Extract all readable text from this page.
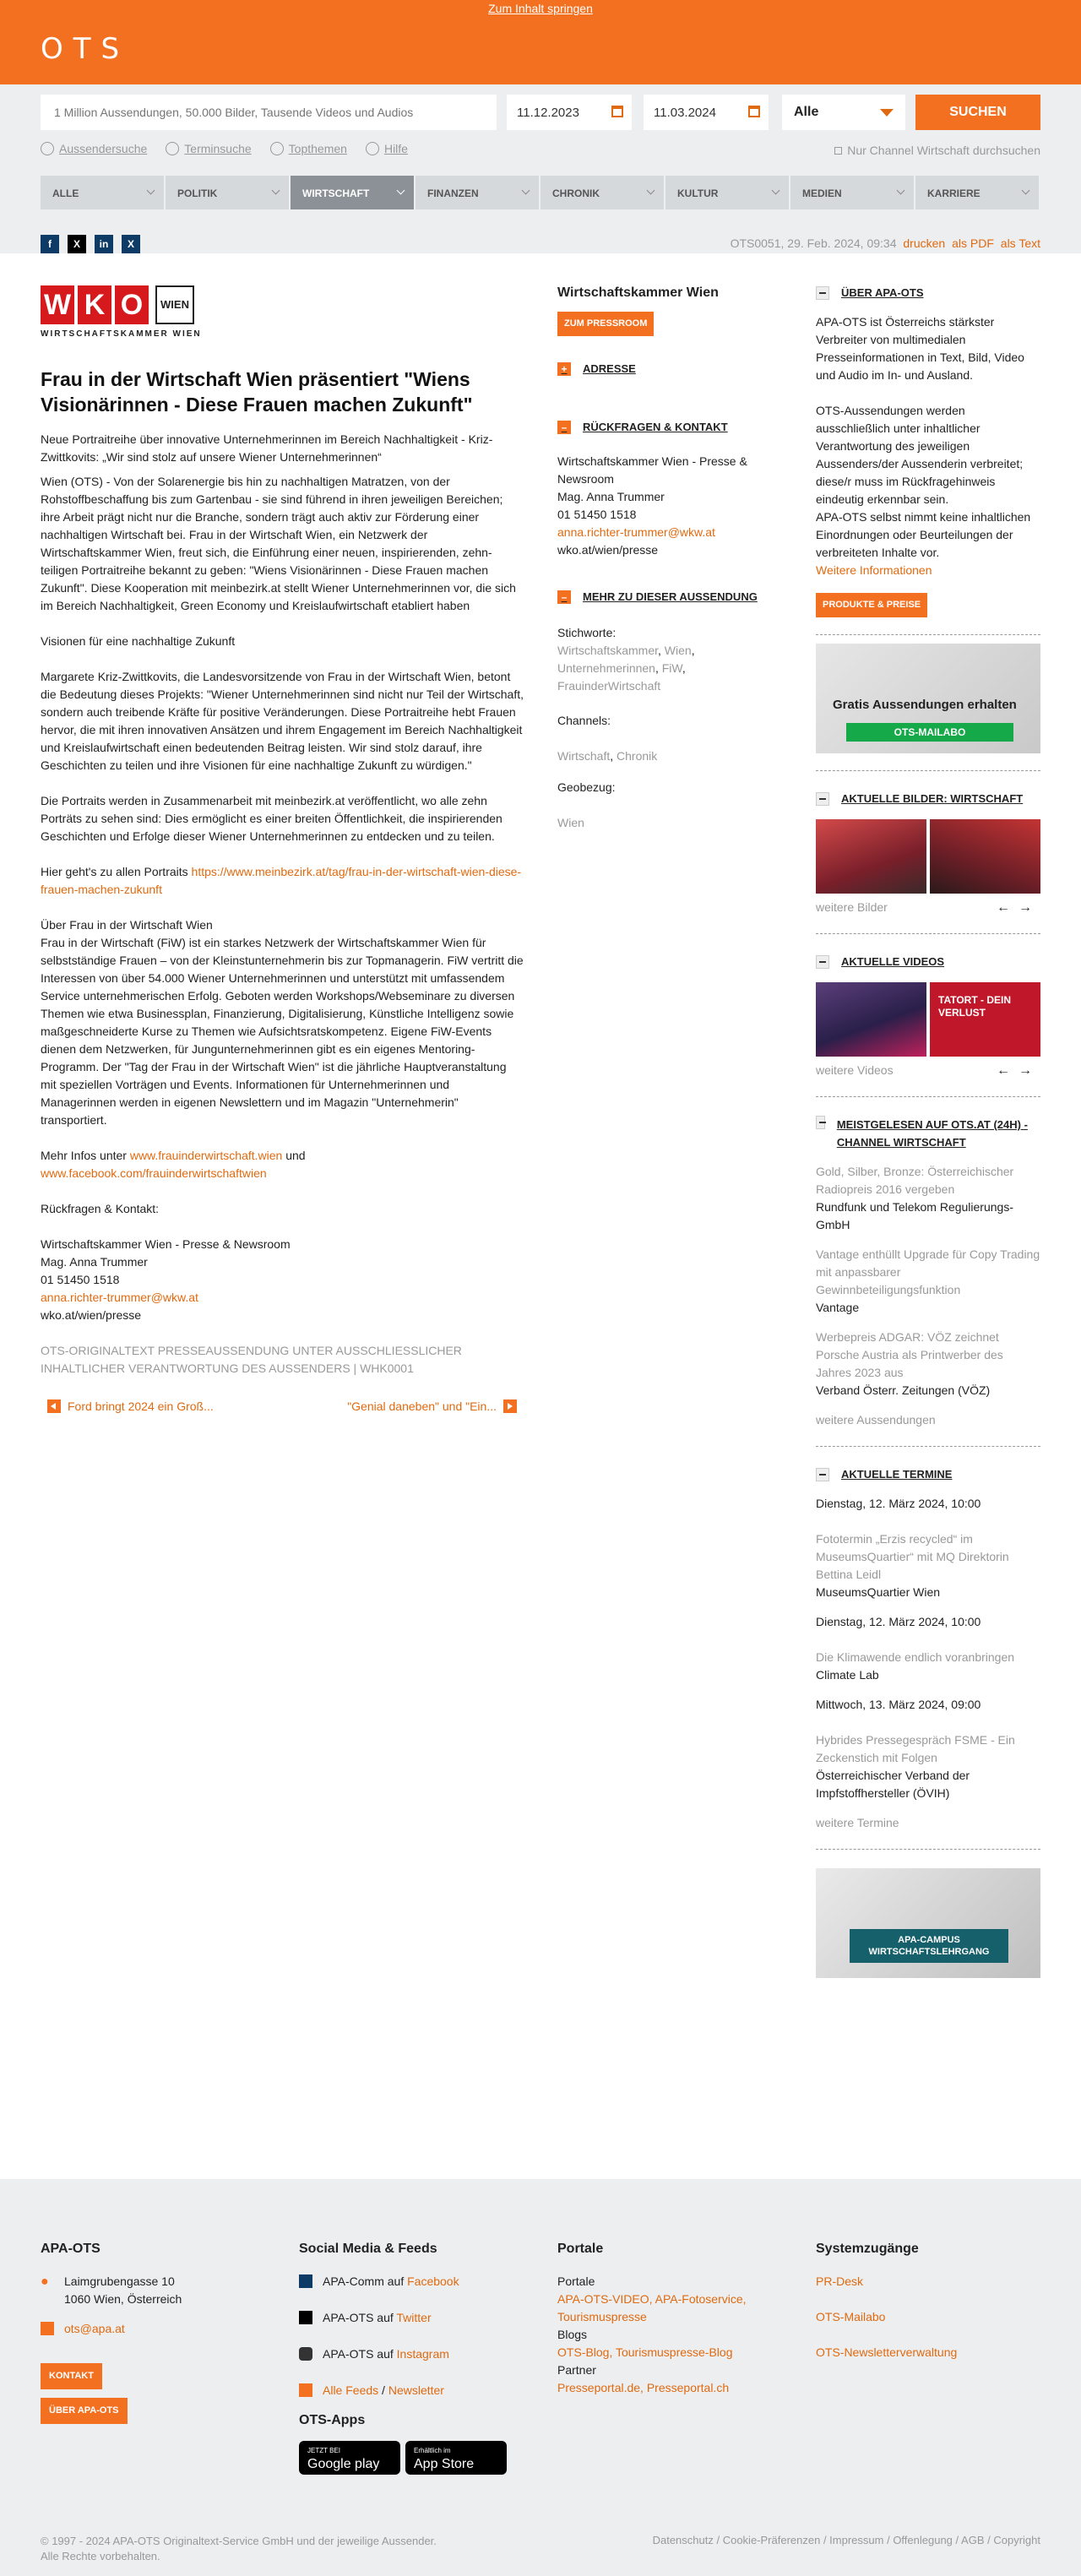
Zum Inhalt springen
OTS
1 Million Aussendungen, 50.000 Bilder, Tausende Videos und Audios
11.12.2023	11.03.2024	Alle	SUCHEN
Aussendersuche	Terminsuche	Topthemen	Hilfe	Nur Channel Wirtschaft durchsuchen
ALLE	POLITIK	WIRTSCHAFT	FINANZEN	CHRONIK	KULTUR	MEDIEN	KARRIERE
f	X	in	X	OTS0051, 29. Feb. 2024, 09:34 drucken als PDF als Text
W K O	WIEN
WIRTSCHAFTSKAMMER WIEN
Frau in der Wirtschaft Wien präsentiert "Wiens Visionärinnen - Diese Frauen machen Zukunft"

Neue Portraitreihe über innovative Unternehmerinnen im Bereich Nachhaltigkeit - Kriz-Zwittkovits: „Wir sind stolz auf unsere Wiener Unternehmerinnen“

Wien (OTS) - Von der Solarenergie bis hin zu nachhaltigen Matratzen, von der Rohstoffbeschaffung bis zum Gartenbau - sie sind führend in ihren jeweiligen Bereichen; ihre Arbeit prägt nicht nur die Branche, sondern trägt auch aktiv zur Förderung einer nachhaltigen Wirtschaft bei. Frau in der Wirtschaft Wien, ein Netzwerk der Wirtschaftskammer Wien, freut sich, die Einführung einer neuen, inspirierenden, zehn-teiligen Portraitreihe bekannt zu geben: "Wiens Visionärinnen - Diese Frauen machen Zukunft". Diese Kooperation mit meinbezirk.at stellt Wiener Unternehmerinnen vor, die sich im Bereich Nachhaltigkeit, Green Economy und Kreislaufwirtschaft etabliert haben

Visionen für eine nachhaltige Zukunft

Margarete Kriz-Zwittkovits, die Landesvorsitzende von Frau in der Wirtschaft Wien, betont die Bedeutung dieses Projekts: "Wiener Unternehmerinnen sind nicht nur Teil der Wirtschaft, sondern auch treibende Kräfte für positive Veränderungen. Diese Portraitreihe hebt Frauen hervor, die mit ihren innovativen Ansätzen und ihrem Engagement im Bereich Nachhaltigkeit und Kreislaufwirtschaft einen bedeutenden Beitrag leisten. Wir sind stolz darauf, ihre Geschichten zu teilen und ihre Visionen für eine nachhaltige Zukunft zu würdigen."

Die Portraits werden in Zusammenarbeit mit meinbezirk.at veröffentlicht, wo alle zehn Porträts zu sehen sind: Dies ermöglicht es einer breiten Öffentlichkeit, die inspirierenden Geschichten und Erfolge dieser Wiener Unternehmerinnen zu entdecken und zu teilen.

Hier geht's zu allen Portraits https://www.meinbezirk.at/tag/frau-in-der-wirtschaft-wien-diese-frauen-machen-zukunft

Über Frau in der Wirtschaft Wien
Frau in der Wirtschaft (FiW) ist ein starkes Netzwerk der Wirtschaftskammer Wien für selbstständige Frauen – von der Kleinstunternehmerin bis zur Topmanagerin. FiW vertritt die Interessen von über 54.000 Wiener Unternehmerinnen und unterstützt mit umfassendem Service unternehmerischen Erfolg. Geboten werden Workshops/Webseminare zu diversen Themen wie etwa Businessplan, Finanzierung, Digitalisierung, Künstliche Intelligenz sowie maßgeschneiderte Kurse zu Themen wie Aufsichtsratskompetenz. Eigene FiW-Events dienen dem Netzwerken, für Jungunternehmerinnen gibt es ein eigenes Mentoring-Programm. Der "Tag der Frau in der Wirtschaft Wien" ist die jährliche Hauptveranstaltung mit speziellen Vorträgen und Events. Informationen für Unternehmerinnen und Managerinnen werden in eigenen Newslettern und im Magazin "Unternehmerin" transportiert.

Mehr Infos unter www.frauinderwirtschaft.wien und
www.facebook.com/frauinderwirtschaftwien

Rückfragen & Kontakt:

Wirtschaftskammer Wien - Presse & Newsroom
Mag. Anna Trummer
01 51450 1518
anna.richter-trummer@wkw.at
wko.at/wien/presse

OTS-ORIGINALTEXT PRESSEAUSSENDUNG UNTER AUSSCHLIESSLICHER INHALTLICHER VERANTWORTUNG DES AUSSENDERS | WHK0001
Ford bringt 2024 ein Groß...	"Genial daneben" und "Ein...
Wirtschaftskammer Wien
ZUM PRESSROOM
+	ADRESSE
–	RÜCKFRAGEN & KONTAKT

Wirtschaftskammer Wien - Presse & Newsroom
Mag. Anna Trummer
01 51450 1518
anna.richter-trummer@wkw.at
wko.at/wien/presse

–	MEHR ZU DIESER AUSSENDUNG

Stichworte:
Wirtschaftskammer, Wien,
Unternehmerinnen, FiW,
FrauinderWirtschaft

Channels:

Wirtschaft, Chronik

Geobezug:

Wien

ÜBER APA-OTS

APA-OTS ist Österreichs stärkster Verbreiter von multimedialen Presseinformationen in Text, Bild, Video und Audio im In- und Ausland.

OTS-Aussendungen werden ausschließlich unter inhaltlicher Verantwortung des jeweiligen Aussenders/der Aussenderin verbreitet; diese/r muss im Rückfragehinweis eindeutig erkennbar sein.

APA-OTS selbst nimmt keine inhaltlichen Einordnungen oder Beurteilungen der verbreiteten Inhalte vor.

Weitere Informationen
PRODUKTE & PREISE
Gratis Aussendungen erhalten
OTS-MAILABO
AKTUELLE BILDER: WIRTSCHAFT
weitere Bilder	←→
AKTUELLE VIDEOS
TATORT - DEIN VERLUST
weitere Videos	←→
MEISTGELESEN AUF OTS.AT (24H) - CHANNEL WIRTSCHAFT
Gold, Silber, Bronze: Österreichischer Radiopreis 2016 vergeben
Rundfunk und Telekom Regulierungs-GmbH
Vantage enthüllt Upgrade für Copy Trading mit anpassbarer Gewinnbeteiligungsfunktion
Vantage
Werbepreis ADGAR: VÖZ zeichnet Porsche Austria als Printwerber des Jahres 2023 aus
Verband Österr. Zeitungen (VÖZ)
weitere Aussendungen
AKTUELLE TERMINE
Dienstag, 12. März 2024, 10:00

Fototermin „Erzis recycled“ im MuseumsQuartier“ mit MQ Direktorin Bettina Leidl
MuseumsQuartier Wien
Dienstag, 12. März 2024, 10:00

Die Klimawende endlich voranbringen
Climate Lab
Mittwoch, 13. März 2024, 09:00

Hybrides Pressegespräch FSME - Ein Zeckenstich mit Folgen
Österreichischer Verband der Impfstoffhersteller (ÖVIH)
weitere Termine
APA-CAMPUS WIRTSCHAFTSLEHRGANG
APA-OTS
●	Laimgrubengasse 10
1060 Wien, Österreich
ots@apa.at
KONTAKT
ÜBER APA-OTS
Social Media & Feeds
APA-Comm auf Facebook
APA-OTS auf Twitter
APA-OTS auf Instagram
Alle Feeds / Newsletter
OTS-Apps
JETZT BEI
Google play
Erhältlich im
App Store
Portale
Portale
APA-OTS-VIDEO, APA-Fotoservice, Tourismuspresse
Blogs
OTS-Blog, Tourismuspresse-Blog
Partner
Presseportal.de, Presseportal.ch
Systemzugänge
PR-Desk

OTS-Mailabo

OTS-Newsletterverwaltung
© 1997 - 2024 APA-OTS Originaltext-Service GmbH und der jeweilige Aussender.
Alle Rechte vorbehalten.
Datenschutz / Cookie-Präferenzen / Impressum / Offenlegung / AGB / Copyright
